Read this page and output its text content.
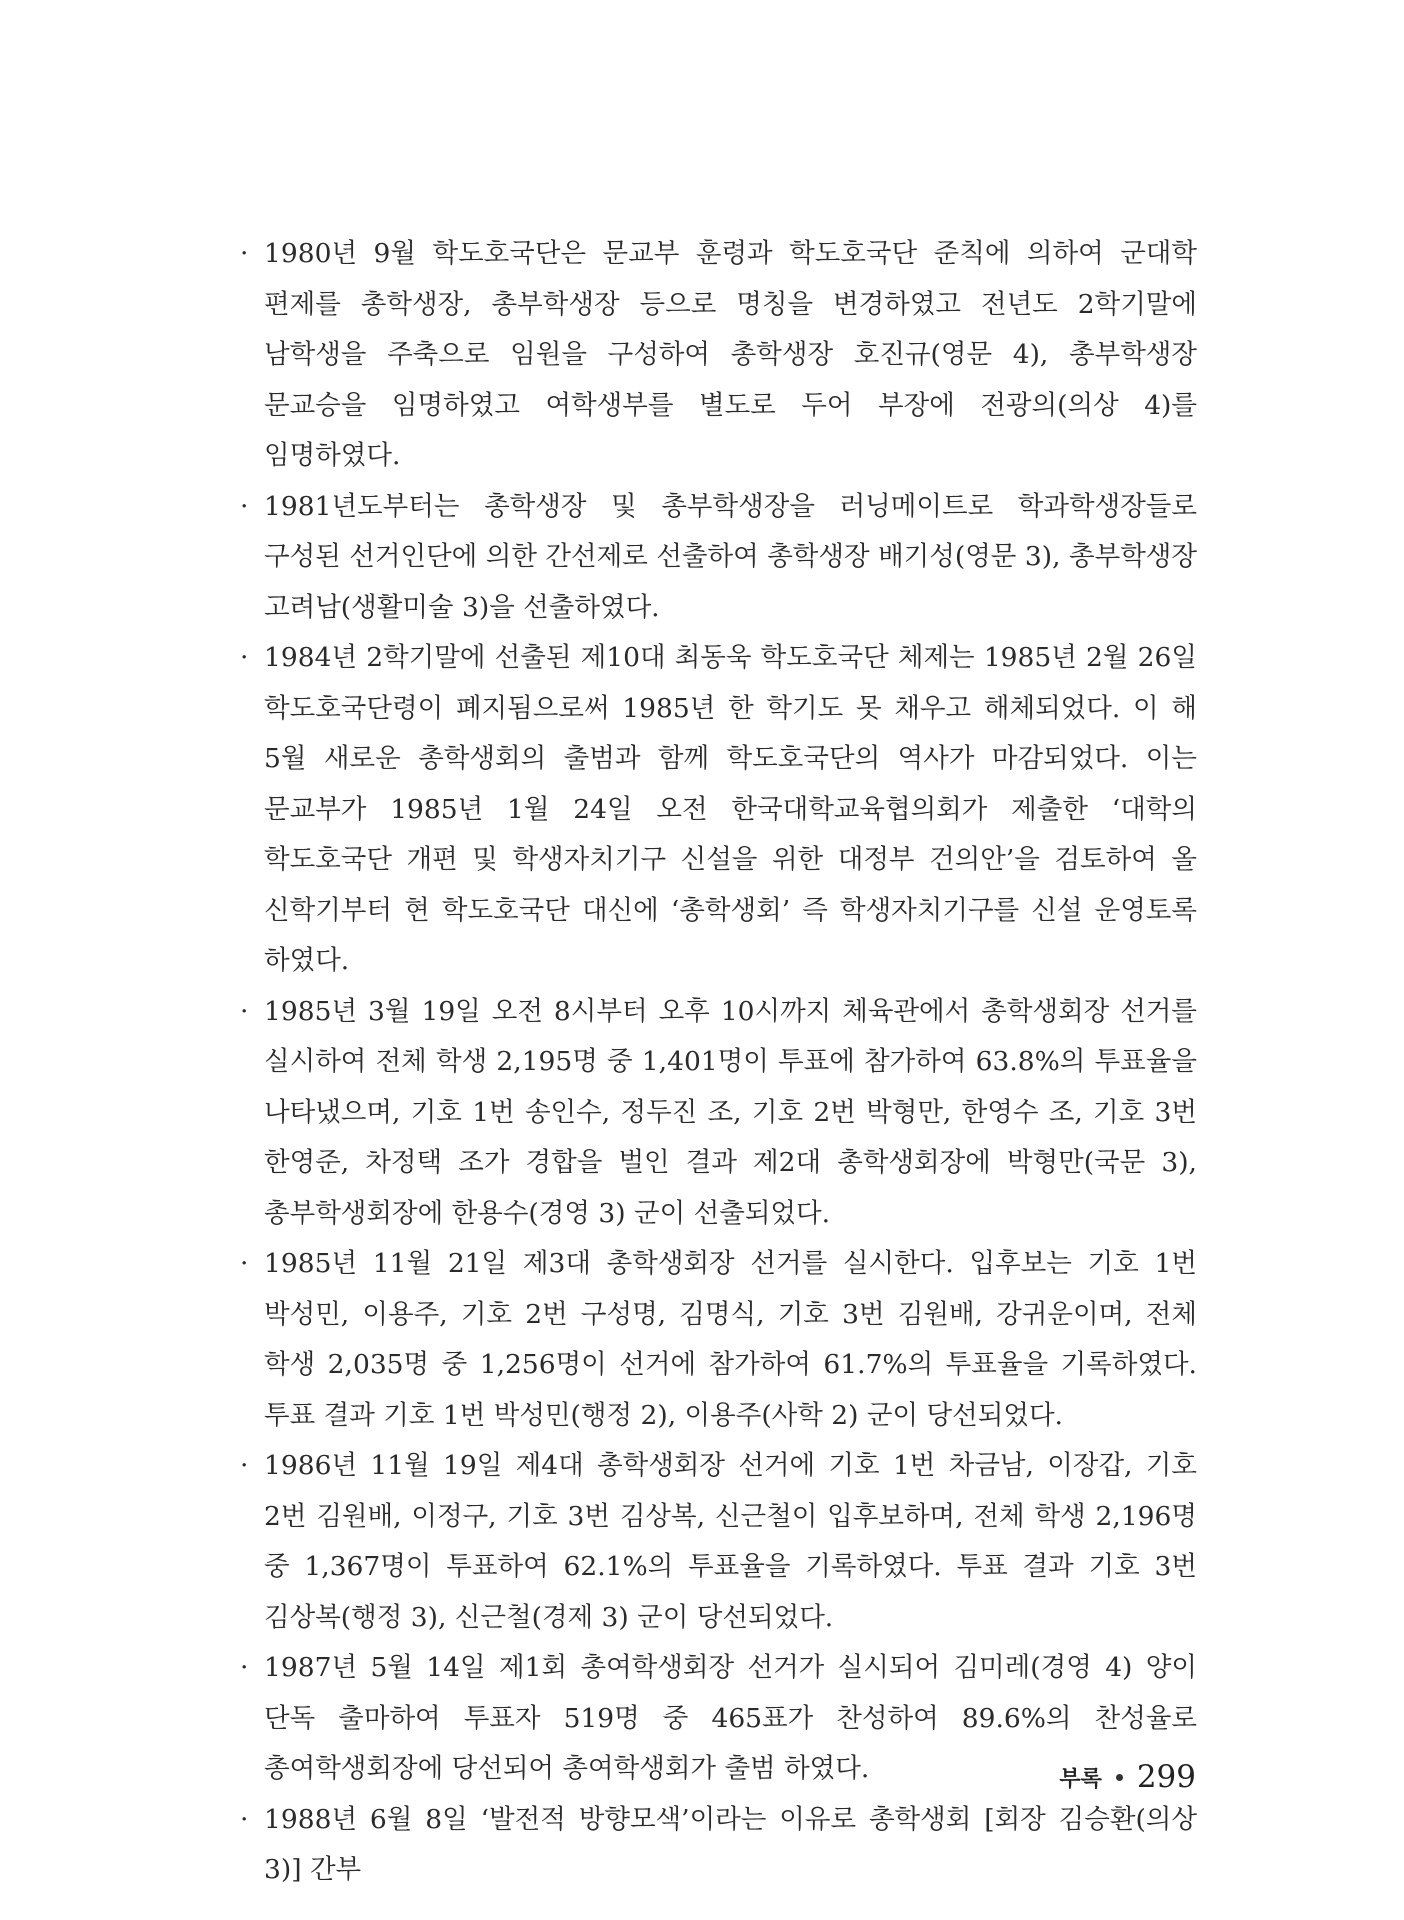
· 1980년 9월 학도호국단은 문교부 훈령과 학도호국단 준칙에 의하여 군대학 편제를 총학생장, 총부학생장 등으로 명칭을 변경하였고 전년도 2학기말에 남학생을 주축으로 임원을 구성하여 총학생장 호진규(영문 4), 총부학생장 문교승을 임명하였고 여학생부를 별도로 두어 부장에 전광의(의상 4)를 임명하였다.
· 1981년도부터는 총학생장 및 총부학생장을 러닝메이트로 학과학생장들로 구성된 선거인단에 의한 간선제로 선출하여 총학생장 배기성(영문 3), 총부학생장 고려남(생활미술 3)을 선출하였다.
· 1984년 2학기말에 선출된 제10대 최동욱 학도호국단 체제는 1985년 2월 26일 학도호국단령이 폐지됨으로써 1985년 한 학기도 못 채우고 해체되었다. 이 해 5월 새로운 총학생회의 출범과 함께 학도호국단의 역사가 마감되었다. 이는 문교부가 1985년 1월 24일 오전 한국대학교육협의회가 제출한 ‘대학의 학도호국단 개편 및 학생자치기구 신설을 위한 대정부 건의안’을 검토하여 올 신학기부터 현 학도호국단 대신에 ‘총학생회’ 즉 학생자치기구를 신설 운영토록 하였다.
· 1985년 3월 19일 오전 8시부터 오후 10시까지 체육관에서 총학생회장 선거를 실시하여 전체 학생 2,195명 중 1,401명이 투표에 참가하여 63.8%의 투표율을 나타냈으며, 기호 1번 송인수, 정두진 조, 기호 2번 박형만, 한영수 조, 기호 3번 한영준, 차정택 조가 경합을 벌인 결과 제2대 총학생회장에 박형만(국문 3), 총부학생회장에 한용수(경영 3) 군이 선출되었다.
· 1985년 11월 21일 제3대 총학생회장 선거를 실시한다. 입후보는 기호 1번 박성민, 이용주, 기호 2번 구성명, 김명식, 기호 3번 김원배, 강귀운이며, 전체 학생 2,035명 중 1,256명이 선거에 참가하여 61.7%의 투표율을 기록하였다. 투표 결과 기호 1번 박성민(행정 2), 이용주(사학 2) 군이 당선되었다.
· 1986년 11월 19일 제4대 총학생회장 선거에 기호 1번 차금남, 이장갑, 기호 2번 김원배, 이정구, 기호 3번 김상복, 신근철이 입후보하며, 전체 학생 2,196명 중 1,367명이 투표하여 62.1%의 투표율을 기록하였다. 투표 결과 기호 3번 김상복(행정 3), 신근철(경제 3) 군이 당선되었다.
· 1987년 5월 14일 제1회 총여학생회장 선거가 실시되어 김미레(경영 4) 양이 단독 출마하여 투표자 519명 중 465표가 찬성하여 89.6%의 찬성율로 총여학생회장에 당선되어 총여학생회가 출범 하였다.
· 1988년 6월 8일 ‘발전적 방향모색’이라는 이유로 총학생회 [회장 김승환(의상 3)] 간부
부록 299
